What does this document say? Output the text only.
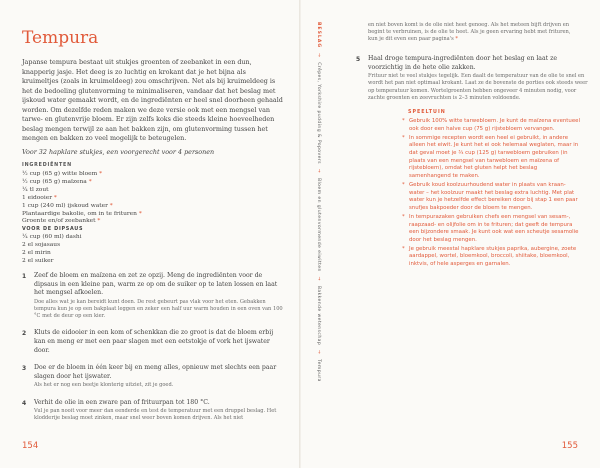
Tempura

Japanse tempura bestaat uit stukjes groenten of zeebanket in een dun, knapperig jasje. Het deeg is zo luchtig en krokant dat je het bijna als kruimeltjes (zoals in kruimeldeeg) zou omschrijven. Net als bij kruimeldeeg is het de bedoeling glutenvorming te minimaliseren, vandaar dat het beslag met ijskoud water gemaakt wordt, en de ingrediënten er heel snel doorheen gehaald worden. Om dezelfde reden maken we deze versie ook met een mengsel van tarwe- en glutenvrije bloem. Er zijn zelfs koks die steeds kleine hoeveelheden beslag mengen terwijl ze aan het bakken zijn, om glutenvorming tussen het mengen en bakken zo veel mogelijk te beteugelen.

Voor 32 hapklare stukjes, een voorgerecht voor 4 personen

INGREDIËNTEN

½ cup (65 g) witte bloem *
½ cup (65 g) maïzena *
¼ tl zout
1 eidooier *
1 cup (240 ml) ijskoud water *
Plantaardige bakolie, om in te frituren *
Groente en/of zeebanket *
VOOR DE DIPSAUS
¼ cup (60 ml) dashi
2 el sojasaus
2 el mirin
2 el suiker
1 Zeef de bloem en maïzena en zet ze opzij. Meng de ingrediënten voor de dipsaus in een kleine pan, warm ze op om de suiker op te laten lossen en laat het mengsel afkoelen.
Doe alles wat je kan bereidt kunt doen. De rest gebeurt pas vlak voor het eten. Gebakken tempura kun je op een bakplaat leggen en zeker een half uur warm houden in een oven van 100 °C met de deur op een kier.
2 Kluts de eidooier in een kom of schenkkan die zo groot is dat de bloem erbij kan en meng er met een paar slagen met een eetstokje of vork het ijswater door.
3 Doe er de bloem in één keer bij en meng alles, opnieuw met slechts een paar slagen door het ijswater.
Als het er nog een beetje klonterig uitziet, zit je goed.
4 Verhit de olie in een zware pan of frituurpan tot 180 °C.
Vul je pan nooit voor meer dan eenderde en test de temperatuur met een druppel beslag. Het klodderije beslag moet zinken, maar snel weer boven komen drijven. Als het niet
154
BESLAG → Crêpes, Yorkshire pudding & Popovers → Bloem en glutenvormende eiwitten → Bakkende wetenschap → Tempura

en niet boven komt is de olie niet heet genoeg. Als het meteen bijft drijven en begint te verbruinen, is de olie te heet. Als je geen ervaring hebt met frituren, kun je dit even een paar pagina's *

5 Haal droge tempura-ingrediënten door het beslag en laat ze voorzichtig in de hete olie zakken.
Frituur niet te veel stukjes tegelijk. Een daalt de temperatuur van de olie te snel en wordt het pan niet optimaal krokant. Laat ze de bovenste de porties ook steeds weer op temperatuur komen. Wortelgroenten hebben ongeveer 4 minuten nodig, voor zachte groenten en zeevruchten is 2–3 minuten voldoende.

SPEELTUIN

* Gebruik 100% witte tarwebloem. Je kunt de maïzena eventueel ook door een halve cup (75 g) rijstebloem vervangen.
* In sommige recepten wordt een heel ei gebruikt, in andere alleen het eiwit. Je kunt het ei ook helemaal weglaten, maar in dat geval moet je ¾ cup (125 g) tarwebloem gebruiken (in plaats van een mengsel van tarwebloem en maïzena of rijstebloem), omdat het gluten helpt het beslag samenhangend te maken.
* Gebruik koud koolzuurhoudend water in plaats van kraan-water – het koolzuur maakt het beslag extra luchtig. Met plat water kun je hetzelfde effect bereiken door bij stap 1 een paar snufjes bakpoeder door de bloem te mengen.
* In tempurazaken gebruiken chefs een mengsel van sesam-, raapzaad- en olijfolie om in te frituren; dat geeft de tempura een bijzondere smaak. Je kunt ook wat een scheutje sesamolie door het beslag mengen.
* Je gebruik meestal hapklare stukjes paprika, aubergine, zoete aardappel, wortel, bloemkool, broccoli, shiitake, bloemkool, inktvis, of hele asperges en garnalen.
155
